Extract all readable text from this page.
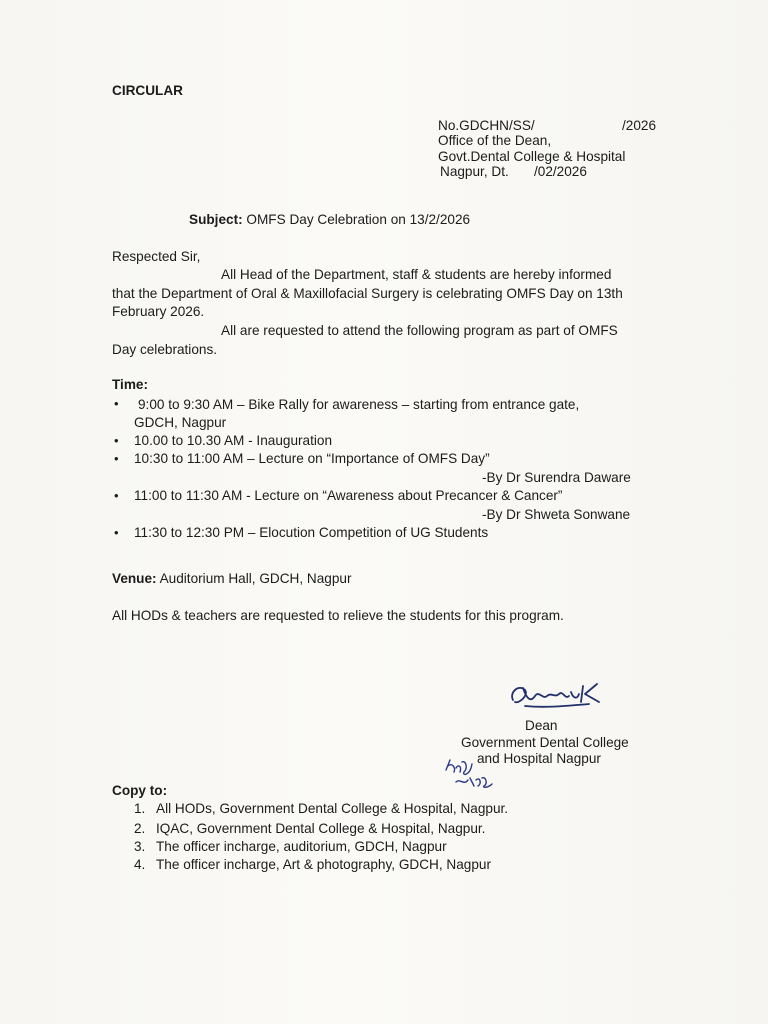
CIRCULAR
No.GDCHN/SS/	/2026
Office of the Dean,
Govt.Dental College & Hospital
Nagpur, Dt. /02/2026
Subject: OMFS Day Celebration on 13/2/2026
Respected Sir,
All Head of the Department, staff & students are hereby informed
that the Department of Oral & Maxillofacial Surgery is celebrating OMFS Day on 13th
February 2026.
All are requested to attend the following program as part of OMFS
Day celebrations.
Time:
• 9:00 to 9:30 AM – Bike Rally for awareness – starting from entrance gate,
GDCH, Nagpur
• 10.00 to 10.30 AM - Inauguration
• 10:30 to 11:00 AM – Lecture on “Importance of OMFS Day”
-By Dr Surendra Daware
• 11:00 to 11:30 AM - Lecture on “Awareness about Precancer & Cancer”
-By Dr Shweta Sonwane
• 11:30 to 12:30 PM – Elocution Competition of UG Students
Venue: Auditorium Hall, GDCH, Nagpur
All HODs & teachers are requested to relieve the students for this program.
Dean
Government Dental College
and Hospital Nagpur
Copy to:
1. All HODs, Government Dental College & Hospital, Nagpur.
2. IQAC, Government Dental College & Hospital, Nagpur.
3. The officer incharge, auditorium, GDCH, Nagpur
4. The officer incharge, Art & photography, GDCH, Nagpur
